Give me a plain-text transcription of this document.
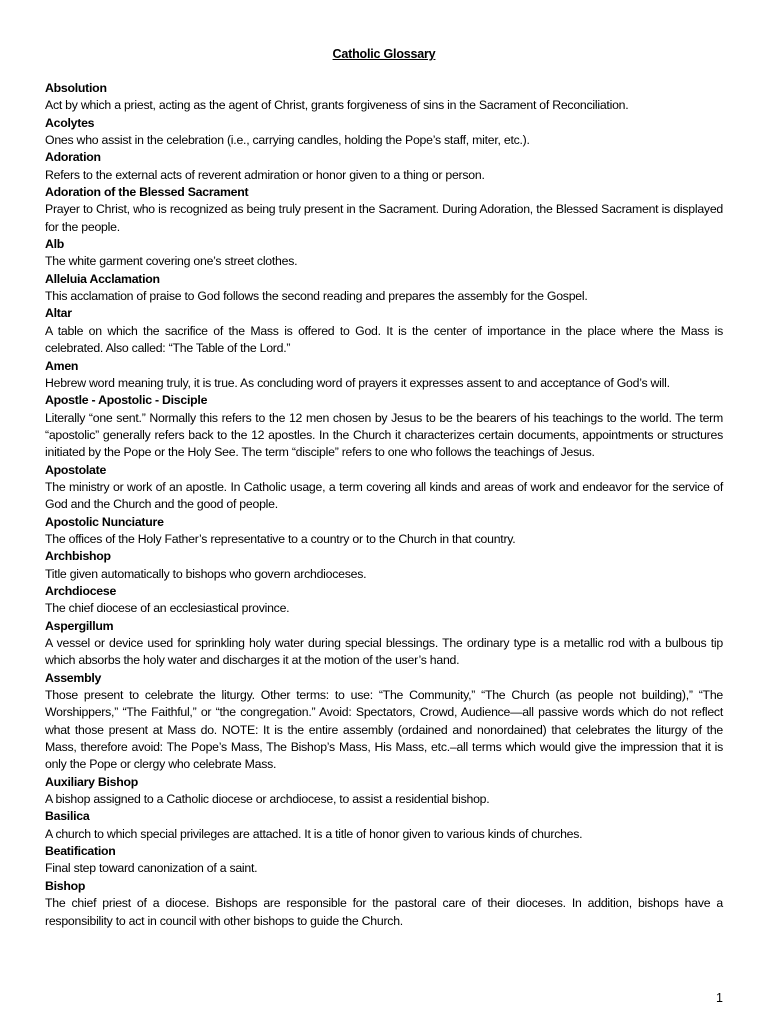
Catholic Glossary

Absolution

Act by which a priest, acting as the agent of Christ, grants forgiveness of sins in the Sacrament of Reconciliation.

Acolytes

Ones who assist in the celebration (i.e., carrying candles, holding the Pope’s staff, miter, etc.).

Adoration

Refers to the external acts of reverent admiration or honor given to a thing or person.

Adoration of the Blessed Sacrament

Prayer to Christ, who is recognized as being truly present in the Sacrament. During Adoration, the Blessed Sacrament is displayed for the people.

Alb

The white garment covering one’s street clothes.

Alleluia Acclamation

This acclamation of praise to God follows the second reading and prepares the assembly for the Gospel.

Altar

A table on which the sacrifice of the Mass is offered to God. It is the center of importance in the place where the Mass is celebrated. Also called: “The Table of the Lord.”

Amen

Hebrew word meaning truly, it is true. As concluding word of prayers it expresses assent to and acceptance of God’s will.

Apostle - Apostolic - Disciple

Literally “one sent.” Normally this refers to the 12 men chosen by Jesus to be the bearers of his teachings to the world. The term “apostolic” generally refers back to the 12 apostles. In the Church it characterizes certain documents, appointments or structures initiated by the Pope or the Holy See. The term “disciple” refers to one who follows the teachings of Jesus.

Apostolate

The ministry or work of an apostle. In Catholic usage, a term covering all kinds and areas of work and endeavor for the service of God and the Church and the good of people.

Apostolic Nunciature

The offices of the Holy Father’s representative to a country or to the Church in that country.

Archbishop

Title given automatically to bishops who govern archdioceses.

Archdiocese

The chief diocese of an ecclesiastical province.

Aspergillum

A vessel or device used for sprinkling holy water during special blessings. The ordinary type is a metallic rod with a bulbous tip which absorbs the holy water and discharges it at the motion of the user’s hand.

Assembly

Those present to celebrate the liturgy. Other terms: to use: “The Community,” “The Church (as people not building),” “The Worshippers,” “The Faithful,” or “the congregation.” Avoid: Spectators, Crowd, Audience—all passive words which do not reflect what those present at Mass do. NOTE: It is the entire assembly (ordained and nonordained) that celebrates the liturgy of the Mass, therefore avoid: The Pope’s Mass, The Bishop’s Mass, His Mass, etc.–all terms which would give the impression that it is only the Pope or clergy who celebrate Mass.

Auxiliary Bishop

A bishop assigned to a Catholic diocese or archdiocese, to assist a residential bishop.

Basilica

A church to which special privileges are attached. It is a title of honor given to various kinds of churches.

Beatification

Final step toward canonization of a saint.

Bishop

The chief priest of a diocese. Bishops are responsible for the pastoral care of their dioceses. In addition, bishops have a responsibility to act in council with other bishops to guide the Church.

1
